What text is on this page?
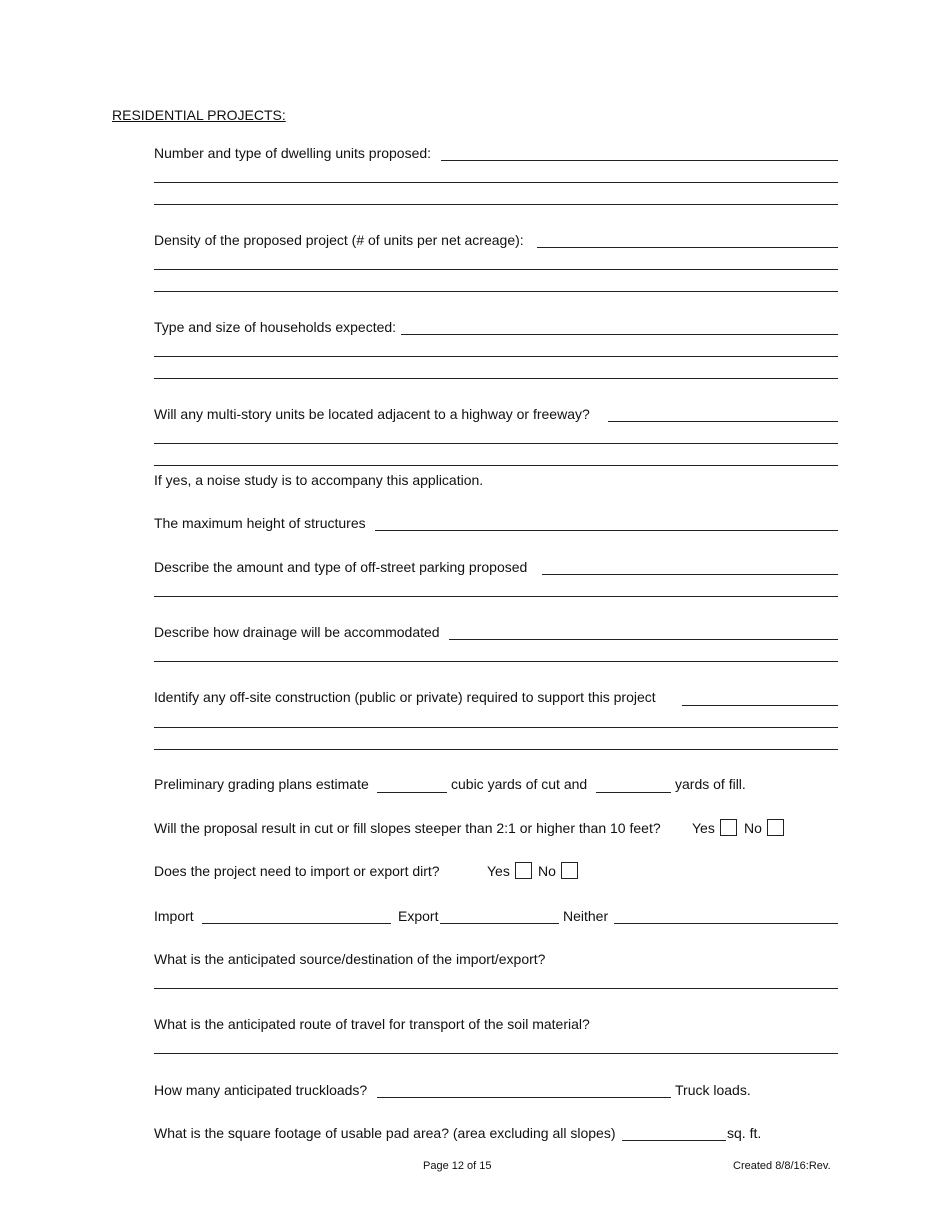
RESIDENTIAL PROJECTS:
Number and type of dwelling units proposed:
Density of the proposed project (# of units per net acreage):
Type and size of households expected:
Will any multi-story units be located adjacent to a highway or freeway?
If yes, a noise study is to accompany this application.
The maximum height of structures
Describe the amount and type of off-street parking proposed
Describe how drainage will be accommodated
Identify any off-site construction (public or private) required to support this project
Preliminary grading plans estimate	cubic yards of cut and	yards of fill.
Will the proposal result in cut or fill slopes steeper than 2:1 or higher than 10 feet? Yes	No
Does the project need to import or export dirt?	Yes	No
Import	Export	Neither
What is the anticipated source/destination of the import/export?
What is the anticipated route of travel for transport of the soil material?
How many anticipated truckloads?	Truck loads.
What is the square footage of usable pad area? (area excluding all slopes)	sq. ft.
Page 12 of 15	Created 8/8/16:Rev.
